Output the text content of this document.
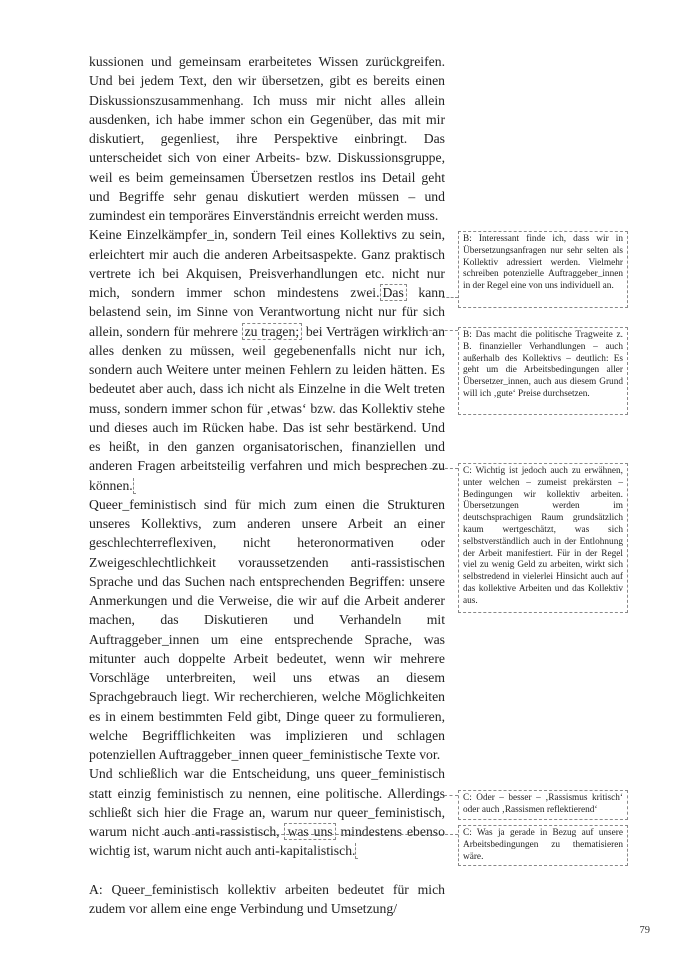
kussionen und gemeinsam erarbeitetes Wissen zurückgreifen. Und bei jedem Text, den wir übersetzen, gibt es bereits einen Diskussionszusammenhang. Ich muss mir nicht alles allein ausdenken, ich habe immer schon ein Gegenüber, das mit mir diskutiert, gegenliest, ihre Perspektive einbringt. Das unterscheidet sich von einer Arbeits- bzw. Diskussionsgruppe, weil es beim gemeinsamen Übersetzen restlos ins Detail geht und Begriffe sehr genau diskutiert werden müssen – und zumindest ein temporäres Einverständnis erreicht werden muss.

Keine Einzelkämpfer_in, sondern Teil eines Kollektivs zu sein, erleichtert mir auch die anderen Arbeitsaspekte. Ganz praktisch vertrete ich bei Akquisen, Preisverhandlungen etc. nicht nur mich, sondern immer schon mindestens zwei. Das kann belastend sein, im Sinne von Verantwortung nicht nur für sich allein, sondern für mehrere zu tragen; bei Verträgen wirklich an alles denken zu müssen, weil gegebenenfalls nicht nur ich, sondern auch Weitere unter meinen Fehlern zu leiden hätten. Es bedeutet aber auch, dass ich nicht als Einzelne in die Welt treten muss, sondern immer schon für ‚etwas‘ bzw. das Kollektiv stehe und dieses auch im Rücken habe. Das ist sehr bestärkend. Und es heißt, in den ganzen organisatorischen, finanziellen und anderen Fragen arbeitsteilig verfahren und mich besprechen zu können.

Queer_feministisch sind für mich zum einen die Strukturen unseres Kollektivs, zum anderen unsere Arbeit an einer geschlechterreflexiven, nicht heteronormativen oder Zweigeschlechtlichkeit voraussetzenden anti-rassistischen Sprache und das Suchen nach entsprechenden Begriffen: unsere Anmerkungen und die Verweise, die wir auf die Arbeit anderer machen, das Diskutieren und Verhandeln mit Auftraggeber_innen um eine entsprechende Sprache, was mitunter auch doppelte Arbeit bedeutet, wenn wir mehrere Vorschläge unterbreiten, weil uns etwas an diesem Sprachgebrauch liegt. Wir recherchieren, welche Möglichkeiten es in einem bestimmten Feld gibt, Dinge queer zu formulieren, welche Begrifflichkeiten was implizieren und schlagen potenziellen Auftraggeber_innen queer_feministische Texte vor.

Und schließlich war die Entscheidung, uns queer_feministisch statt einzig feministisch zu nennen, eine politische. Allerdings schließt sich hier die Frage an, warum nur queer_feministisch, warum nicht auch anti-rassistisch, was uns mindestens ebenso wichtig ist, warum nicht auch anti-kapitalistisch.

A: Queer_feministisch kollektiv arbeiten bedeutet für mich zudem vor allem eine enge Verbindung und Umsetzung/

B: Interessant finde ich, dass wir in Übersetzungsanfragen nur sehr selten als Kollektiv adressiert werden. Vielmehr schreiben potenzielle Auftraggeber_innen in der Regel eine von uns individuell an.
B: Das macht die politische Tragweite z. B. finanzieller Verhandlungen – auch außerhalb des Kollektivs – deutlich: Es geht um die Arbeitsbedingungen aller Übersetzer_innen, auch aus diesem Grund will ich ‚gute‘ Preise durchsetzen.
C: Wichtig ist jedoch auch zu erwähnen, unter welchen – zumeist prekärsten – Bedingungen wir kollektiv arbeiten. Übersetzungen werden im deutschsprachigen Raum grundsätzlich kaum wertgeschätzt, was sich selbstverständlich auch in der Entlohnung der Arbeit manifestiert. Für in der Regel viel zu wenig Geld zu arbeiten, wirkt sich selbstredend in vielerlei Hinsicht auch auf das kollektive Arbeiten und das Kollektiv aus.
C: Oder – besser – ‚Rassismus kritisch‘ oder auch ‚Rassismen reflektierend‘
C: Was ja gerade in Bezug auf unsere Arbeitsbedingungen zu thematisieren wäre.
79
